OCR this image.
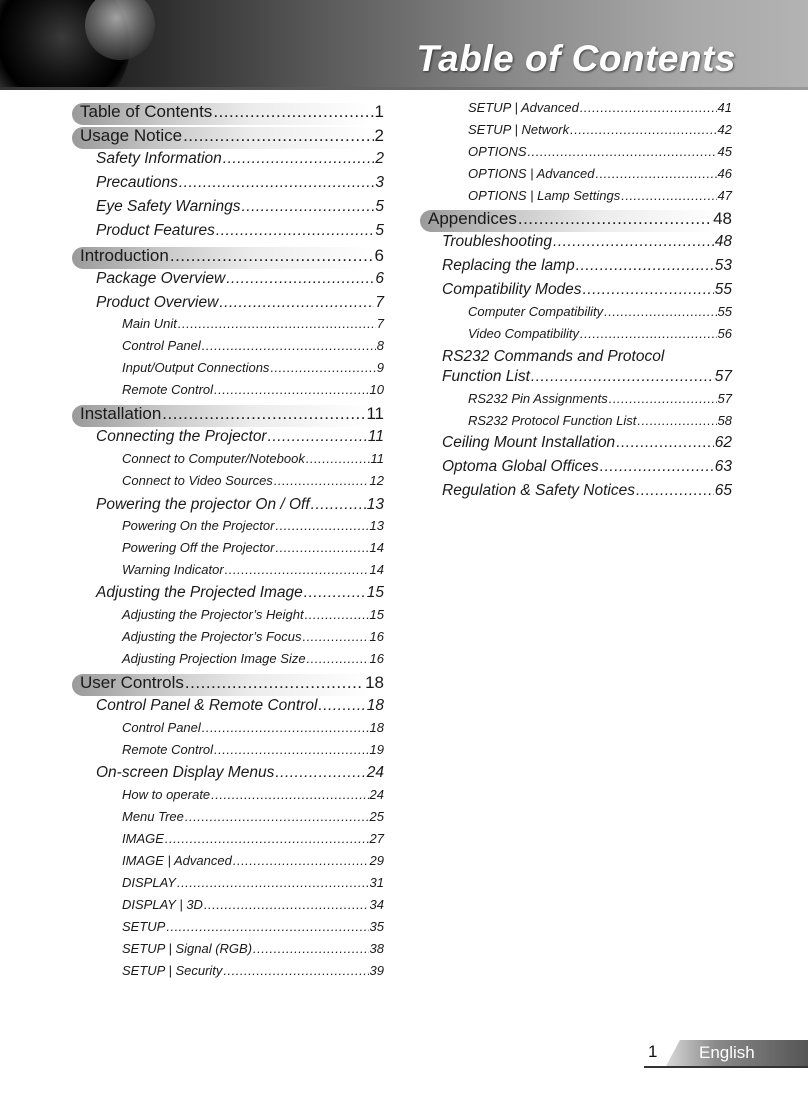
Table of Contents
Table of Contents .....	1
Usage Notice .....	2
Safety Information .....	2
Precautions .....	3
Eye Safety Warnings .....	5
Product Features .....	5
Introduction .....	6
Package Overview .....	6
Product Overview .....	7
Main Unit .....	7
Control Panel .....	8
Input/Output Connections .....	9
Remote Control .....	10
Installation .....	11
Connecting the Projector .....	11
Connect to Computer/Notebook .....	11
Connect to Video Sources .....	12
Powering the projector On / Off .....	13
Powering On the Projector .....	13
Powering Off the Projector .....	14
Warning Indicator .....	14
Adjusting the Projected Image .....	15
Adjusting the Projector’s Height .....	15
Adjusting the Projector’s Focus .....	16
Adjusting Projection Image Size .....	16
User Controls .....	18
Control Panel & Remote Control .....	18
Control Panel .....	18
Remote Control .....	19
On-screen Display Menus .....	24
How to operate .....	24
Menu Tree .....	25
IMAGE .....	27
IMAGE | Advanced .....	29
DISPLAY .....	31
DISPLAY | 3D .....	34
SETUP .....	35
SETUP | Signal (RGB) .....	38
SETUP | Security .....	39
SETUP | Advanced .....	41
SETUP | Network .....	42
OPTIONS .....	45
OPTIONS | Advanced .....	46
OPTIONS | Lamp Settings .....	47
Appendices .....	48
Troubleshooting .....	48
Replacing the lamp .....	53
Compatibility Modes .....	55
Computer Compatibility .....	55
Video Compatibility .....	56
RS232 Commands and Protocol
Function List .....	57
RS232 Pin Assignments .....	57
RS232 Protocol Function List .....	58
Ceiling Mount Installation .....	62
Optoma Global Offices .....	63
Regulation & Safety Notices .....	65
1 English
